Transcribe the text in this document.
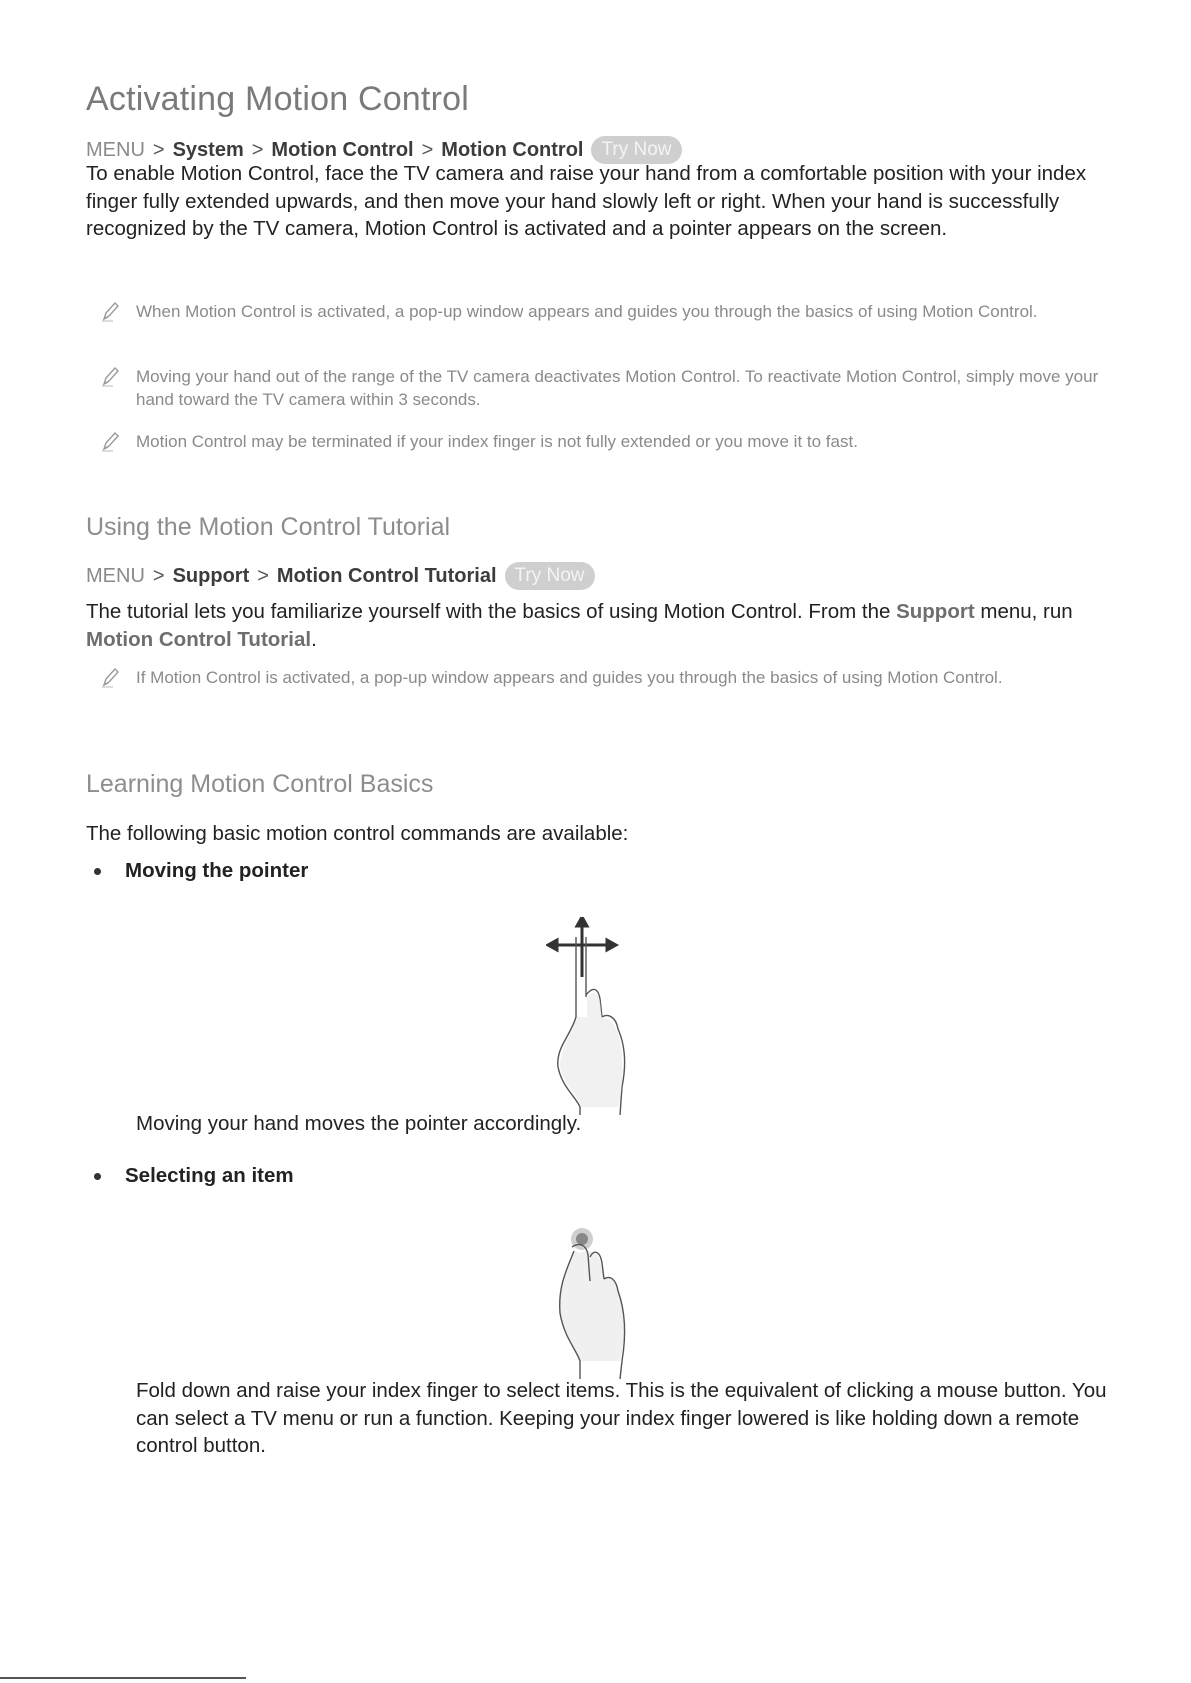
Activating Motion Control
MENU > System > Motion Control > Motion Control Try Now

To enable Motion Control, face the TV camera and raise your hand from a comfortable position with your index finger fully extended upwards, and then move your hand slowly left or right. When your hand is successfully recognized by the TV camera, Motion Control is activated and a pointer appears on the screen.

When Motion Control is activated, a pop-up window appears and guides you through the basics of using Motion Control.
Moving your hand out of the range of the TV camera deactivates Motion Control. To reactivate Motion Control, simply move your hand toward the TV camera within 3 seconds.
Motion Control may be terminated if your index finger is not fully extended or you move it to fast.
Using the Motion Control Tutorial
MENU > Support > Motion Control Tutorial Try Now

The tutorial lets you familiarize yourself with the basics of using Motion Control. From the Support menu, run Motion Control Tutorial.

If Motion Control is activated, a pop-up window appears and guides you through the basics of using Motion Control.
Learning Motion Control Basics

The following basic motion control commands are available:

Moving the pointer

Moving your hand moves the pointer accordingly.

Selecting an item

Fold down and raise your index finger to select items. This is the equivalent of clicking a mouse button. You can select a TV menu or run a function. Keeping your index finger lowered is like holding down a remote control button.
